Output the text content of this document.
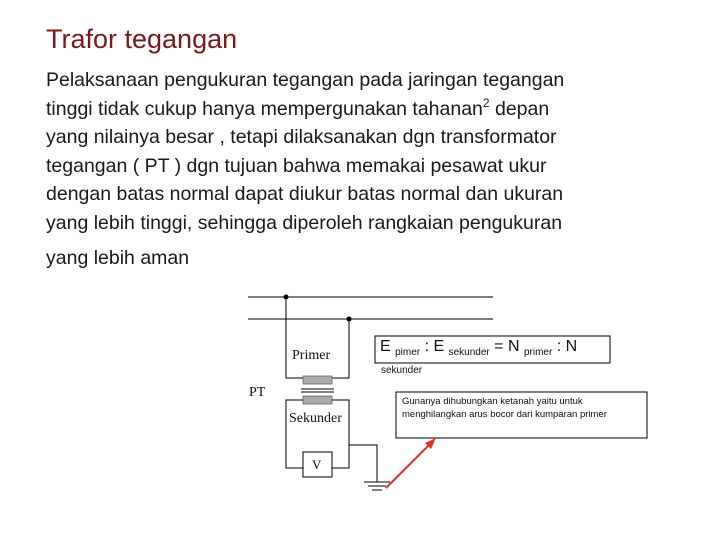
Trafor tegangan
Pelaksanaan pengukuran tegangan pada jaringan tegangan
tinggi tidak cukup hanya mempergunakan tahanan$^2$ depan
yang nilainya besar , tetapi dilaksanakan dgn transformator
tegangan ( PT ) dgn tujuan bahwa memakai pesawat ukur
dengan batas normal dapat diukur batas normal dan ukuran
yang lebih tinggi, sehingga diperoleh rangkaian pengukuran
yang lebih aman
Primer
PT
Sekunder
V
E $_{pimer}$ : E $_{sekunder}$ = N $_{primer}$ : N
sekunder
Gunanya dihubungkan ketanah yaitu untuk menghilangkan arus bocor dari kumparan primer
